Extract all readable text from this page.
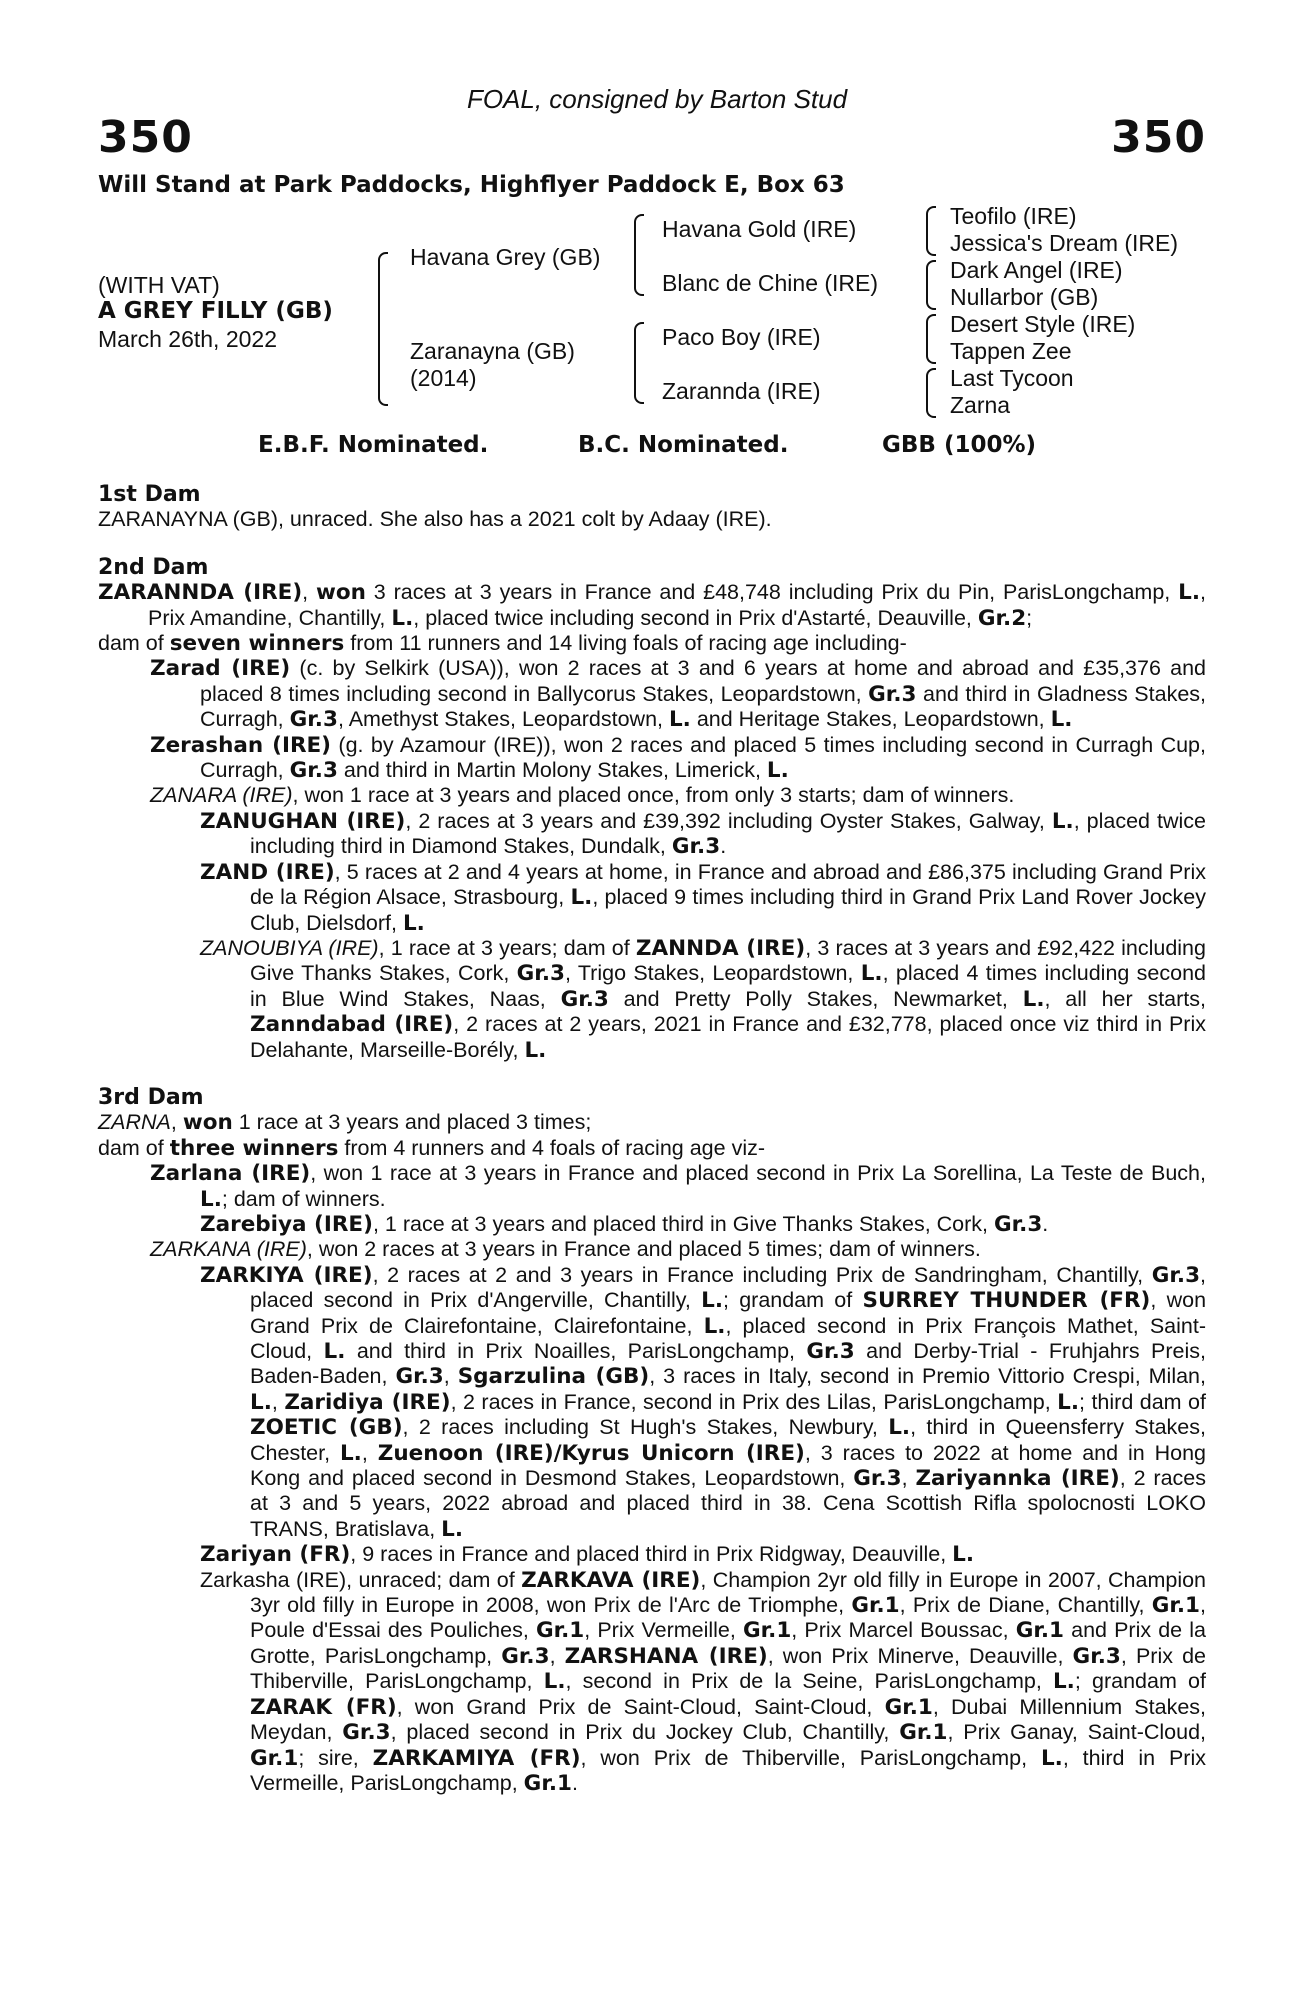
FOAL, consigned by Barton Stud
350	350
Will Stand at Park Paddocks, Highflyer Paddock E, Box 63
(WITH VAT)
A GREY FILLY (GB)
March 26th, 2022
Havana Grey (GB)
Zaranayna (GB)
(2014)
Havana Gold (IRE)
Blanc de Chine (IRE)
Paco Boy (IRE)
Zarannda (IRE)
Teofilo (IRE)
Jessica's Dream (IRE)
Dark Angel (IRE)
Nullarbor (GB)
Desert Style (IRE)
Tappen Zee
Last Tycoon
Zarna
E.B.F. Nominated.	B.C. Nominated.	GBB (100%)
1st Dam

ZARANAYNA (GB), unraced. She also has a 2021 colt by Adaay (IRE).

2nd Dam

ZARANNDA (IRE), won 3 races at 3 years in France and £48,748 including Prix du Pin, ParisLongchamp, L., Prix Amandine, Chantilly, L., placed twice including second in Prix d'Astarté, Deauville, Gr.2;

dam of seven winners from 11 runners and 14 living foals of racing age including-

Zarad (IRE) (c. by Selkirk (USA)), won 2 races at 3 and 6 years at home and abroad and £35,376 and placed 8 times including second in Ballycorus Stakes, Leopardstown, Gr.3 and third in Gladness Stakes, Curragh, Gr.3, Amethyst Stakes, Leopardstown, L. and Heritage Stakes, Leopardstown, L.

Zerashan (IRE) (g. by Azamour (IRE)), won 2 races and placed 5 times including second in Curragh Cup, Curragh, Gr.3 and third in Martin Molony Stakes, Limerick, L.

ZANARA (IRE), won 1 race at 3 years and placed once, from only 3 starts; dam of winners.

ZANUGHAN (IRE), 2 races at 3 years and £39,392 including Oyster Stakes, Galway, L., placed twice including third in Diamond Stakes, Dundalk, Gr.3.

ZAND (IRE), 5 races at 2 and 4 years at home, in France and abroad and £86,375 including Grand Prix de la Région Alsace, Strasbourg, L., placed 9 times including third in Grand Prix Land Rover Jockey Club, Dielsdorf, L.

ZANOUBIYA (IRE), 1 race at 3 years; dam of ZANNDA (IRE), 3 races at 3 years and £92,422 including Give Thanks Stakes, Cork, Gr.3, Trigo Stakes, Leopardstown, L., placed 4 times including second in Blue Wind Stakes, Naas, Gr.3 and Pretty Polly Stakes, Newmarket, L., all her starts, Zanndabad (IRE), 2 races at 2 years, 2021 in France and £32,778, placed once viz third in Prix Delahante, Marseille-Borély, L.

3rd Dam

ZARNA, won 1 race at 3 years and placed 3 times;

dam of three winners from 4 runners and 4 foals of racing age viz-

Zarlana (IRE), won 1 race at 3 years in France and placed second in Prix La Sorellina, La Teste de Buch, L.; dam of winners.

Zarebiya (IRE), 1 race at 3 years and placed third in Give Thanks Stakes, Cork, Gr.3.

ZARKANA (IRE), won 2 races at 3 years in France and placed 5 times; dam of winners.

ZARKIYA (IRE), 2 races at 2 and 3 years in France including Prix de Sandringham, Chantilly, Gr.3, placed second in Prix d'Angerville, Chantilly, L.; grandam of SURREY THUNDER (FR), won Grand Prix de Clairefontaine, Clairefontaine, L., placed second in Prix François Mathet, Saint-Cloud, L. and third in Prix Noailles, ParisLongchamp, Gr.3 and Derby-Trial - Fruhjahrs Preis, Baden-Baden, Gr.3, Sgarzulina (GB), 3 races in Italy, second in Premio Vittorio Crespi, Milan, L., Zaridiya (IRE), 2 races in France, second in Prix des Lilas, ParisLongchamp, L.; third dam of ZOETIC (GB), 2 races including St Hugh's Stakes, Newbury, L., third in Queensferry Stakes, Chester, L., Zuenoon (IRE)/Kyrus Unicorn (IRE), 3 races to 2022 at home and in Hong Kong and placed second in Desmond Stakes, Leopardstown, Gr.3, Zariyannka (IRE), 2 races at 3 and 5 years, 2022 abroad and placed third in 38. Cena Scottish Rifla spolocnosti LOKO TRANS, Bratislava, L.

Zariyan (FR), 9 races in France and placed third in Prix Ridgway, Deauville, L.

Zarkasha (IRE), unraced; dam of ZARKAVA (IRE), Champion 2yr old filly in Europe in 2007, Champion 3yr old filly in Europe in 2008, won Prix de l'Arc de Triomphe, Gr.1, Prix de Diane, Chantilly, Gr.1, Poule d'Essai des Pouliches, Gr.1, Prix Vermeille, Gr.1, Prix Marcel Boussac, Gr.1 and Prix de la Grotte, ParisLongchamp, Gr.3, ZARSHANA (IRE), won Prix Minerve, Deauville, Gr.3, Prix de Thiberville, ParisLongchamp, L., second in Prix de la Seine, ParisLongchamp, L.; grandam of ZARAK (FR), won Grand Prix de Saint-Cloud, Saint-Cloud, Gr.1, Dubai Millennium Stakes, Meydan, Gr.3, placed second in Prix du Jockey Club, Chantilly, Gr.1, Prix Ganay, Saint-Cloud, Gr.1; sire, ZARKAMIYA (FR), won Prix de Thiberville, ParisLongchamp, L., third in Prix Vermeille, ParisLongchamp, Gr.1.
